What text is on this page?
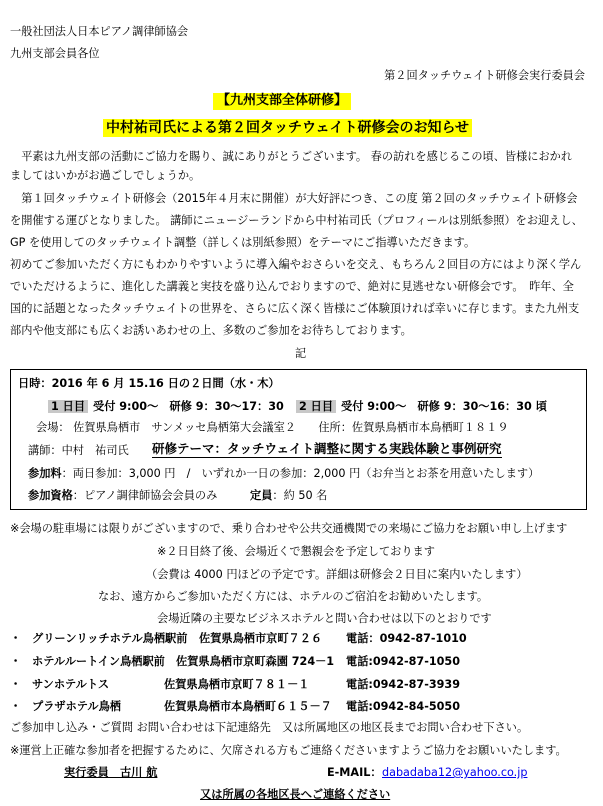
一般社団法人日本ピアノ調律師協会
九州支部会員各位
第２回タッチウェイト研修会実行委員会
【九州支部全体研修】
中村祐司氏による第２回タッチウェイト研修会のお知らせ
　平素は九州支部の活動にご協力を賜り、誠にありがとうございます。 春の訪れを感じるこの頃、皆様におかれ
ましてはいかがお過ごしでしょうか。
　第１回タッチウェイト研修会（2015年４月末に開催）が大好評につき、この度 第２回のタッチウェイト研修会
を開催する運びとなりました。 講師にニュージーランドから中村祐司氏（プロフィールは別紙参照）をお迎えし、
GP を使用してのタッチウェイト調整（詳しくは別紙参照）をテーマにご指導いただきます。
初めてご参加いただく方にもわかりやすいように導入編やおさらいを交え、もちろん２回目の方にはより深く学ん
でいただけるように、進化した講義と実技を盛り込んでおりますので、絶対に見逃せない研修会です。　昨年、全
国的に話題となったタッチウェイトの世界を、さらに広く深く皆様にご体験頂ければ幸いに存じます。また九州支
部内や他支部にも広くお誘いあわせの上、多数のご参加をお待ちしております。
記
日時：2016 年 6 月 15.16 日の２日間（水・木）
1 日目 受付 9:00～　研修 9：30～17：30 2 日目 受付 9:00～　研修 9：30～16：30 頃
会場： 佐賀県鳥栖市　サンメッセ鳥栖第大会議室２　　住所：佐賀県鳥栖市本鳥栖町１８１９
講師：中村　祐司氏 研修テーマ：タッチウェイト調整に関する実践体験と事例研究
参加料：両日参加：3,000 円　/　いずれか一日の参加：2,000 円（お弁当とお茶を用意いたします）
参加資格：ピアノ調律師協会会員のみ	定員：約 50 名
※会場の駐車場には限りがございますので、乗り合わせや公共交通機関での来場にご協力をお願い申し上げます
※２日目終了後、会場近くで懇親会を予定しております
（会費は 4000 円ほどの予定です。詳細は研修会２日目に案内いたします）
なお、遠方からご参加いただく方には、ホテルのご宿泊をお勧めいたします。
会場近隣の主要なビジネスホテルと問い合わせは以下のとおりです
・ グリーンリッチホテル鳥栖駅前 佐賀県鳥栖市京町７２６ 電話：0942-87-1010
・ ホテルルートイン鳥栖駅前 佐賀県鳥栖市京町森園 724－1 電話:0942-87-1050
・ サンホテルトス	佐賀県鳥栖市京町７８１－１	電話:0942-87-3939
・ プラザホテル鳥栖	佐賀県鳥栖市本鳥栖町６１５－７ 電話:0942-84-5050
ご参加申し込み・ご質問 お問い合わせは下記連絡先　又は所属地区の地区長までお問い合わせ下さい。
※運営上正確な参加者を把握するために、欠席される方もご連絡くださいますようご協力をお願いいたします。
実行委員　古川 航	E-MAIL： dabadaba12@yahoo.co.jp
又は所属の各地区長へご連絡ください
